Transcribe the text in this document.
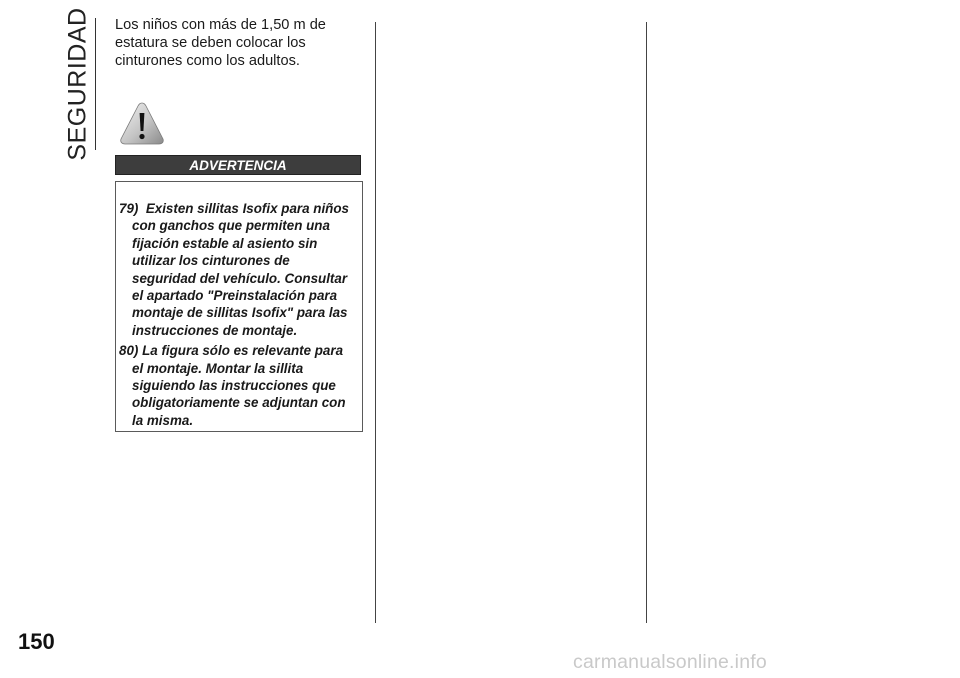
SEGURIDAD Los niños con más de 1,50 m de estatura se deben colocar los cinturones como los adultos.

ADVERTENCIA

79) Existen sillitas Isofix para niños con ganchos que permiten una fijación estable al asiento sin utilizar los cinturones de seguridad del vehículo. Consultar el apartado "Preinstalación para montaje de sillitas Isofix" para las instrucciones de montaje.

80) La figura sólo es relevante para el montaje. Montar la sillita siguiendo las instrucciones que obligatoriamente se adjuntan con la misma.

150
carmanualsonline.info
